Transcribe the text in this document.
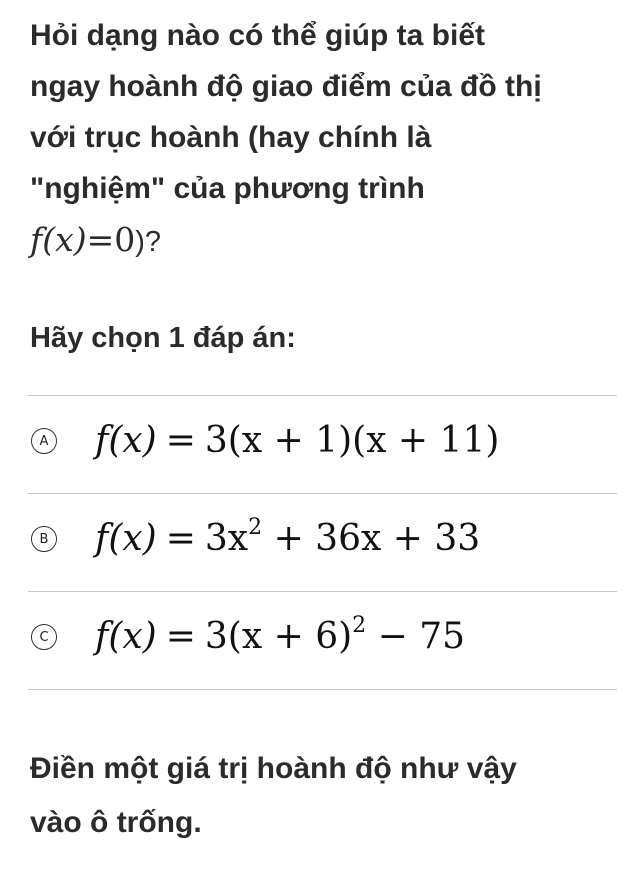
Hỏi dạng nào có thể giúp ta biết
ngay hoành độ giao điểm của đồ thị
với trục hoành (hay chính là
"nghiệm" của phương trình
f(x)=0)?
Hãy chọn 1 đáp án:
A f(x) = 3(x + 1)(x + 11)
B $f(x) = 3x^2 + 36x + 33$
C $f(x) = 3(x + 6)^2 - 75$
Điền một giá trị hoành độ như vậy
vào ô trống.
